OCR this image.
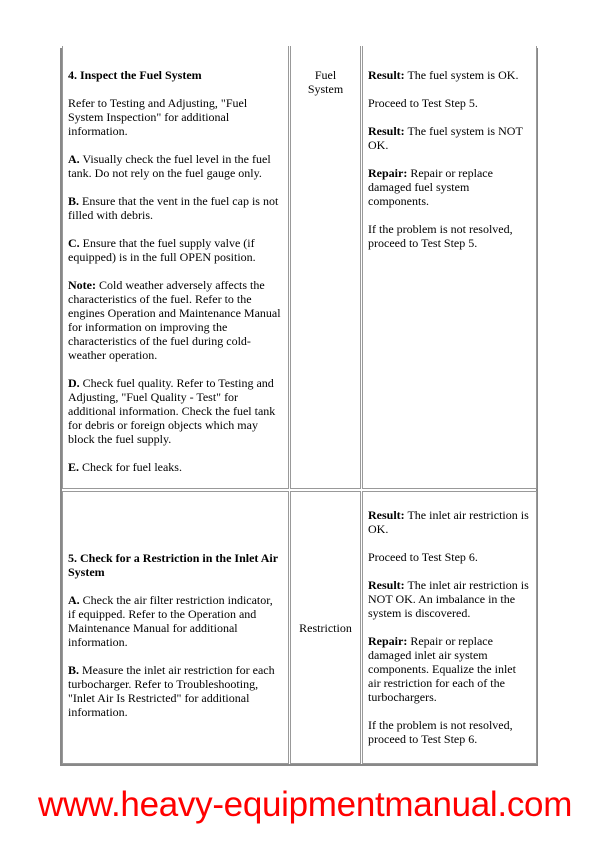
4. Inspect the Fuel System

Refer to Testing and Adjusting, "Fuel System Inspection" for additional information.

A. Visually check the fuel level in the fuel tank. Do not rely on the fuel gauge only.

B. Ensure that the vent in the fuel cap is not filled with debris.

C. Ensure that the fuel supply valve (if equipped) is in the full OPEN position.

Note: Cold weather adversely affects the characteristics of the fuel. Refer to the engines Operation and Maintenance Manual for information on improving the characteristics of the fuel during cold-weather operation.

D. Check fuel quality. Refer to Testing and Adjusting, "Fuel Quality - Test" for additional information. Check the fuel tank for debris or foreign objects which may block the fuel supply.

E. Check for fuel leaks.

Fuel System

Result: The fuel system is OK.

Proceed to Test Step 5.

Result: The fuel system is NOT OK.

Repair: Repair or replace damaged fuel system components.

If the problem is not resolved, proceed to Test Step 5.

5. Check for a Restriction in the Inlet Air System

A. Check the air filter restriction indicator, if equipped. Refer to the Operation and Maintenance Manual for additional information.

B. Measure the inlet air restriction for each turbocharger. Refer to Troubleshooting, "Inlet Air Is Restricted" for additional information.

Restriction

Result: The inlet air restriction is OK.

Proceed to Test Step 6.

Result: The inlet air restriction is NOT OK. An imbalance in the system is discovered.

Repair: Repair or replace damaged inlet air system components. Equalize the inlet air restriction for each of the turbochargers.

If the problem is not resolved, proceed to Test Step 6.

www.heavy-equipmentmanual.com
